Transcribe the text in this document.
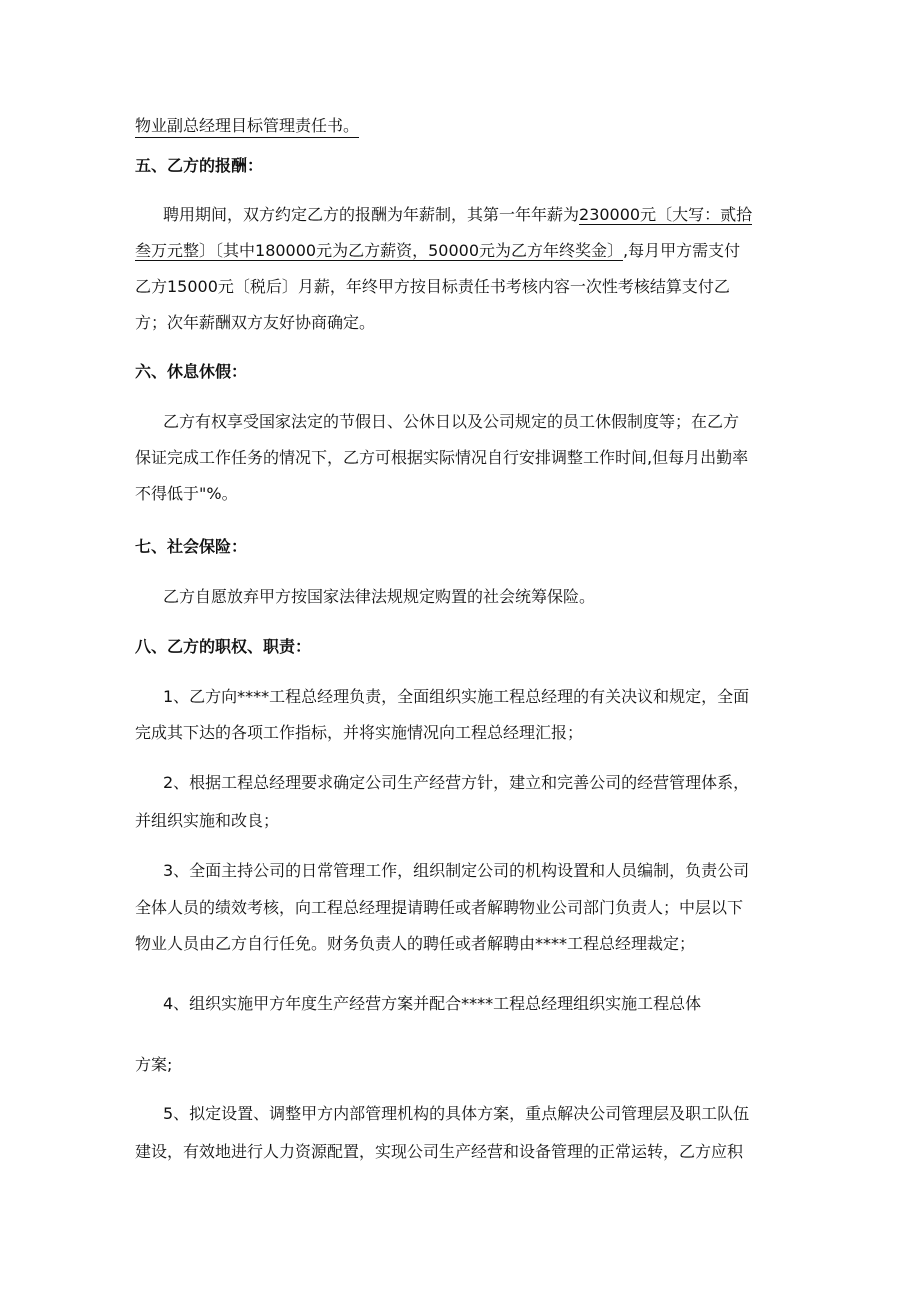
物业副总经理目标管理责任书。
五、乙方的报酬：
聘用期间，双方约定乙方的报酬为年薪制，其第一年年薪为230000元〔大写：贰拾
叁万元整〕〔其中180000元为乙方薪资，50000元为乙方年终奖金〕,每月甲方需支付
乙方15000元〔税后〕月薪，年终甲方按目标责任书考核内容一次性考核结算支付乙
方；次年薪酬双方友好协商确定。
六、休息休假：
乙方有权享受国家法定的节假日、公休日以及公司规定的员工休假制度等；在乙方
保证完成工作任务的情况下，乙方可根据实际情况自行安排调整工作时间,但每月出勤率
不得低于"%。
七、社会保险：
乙方自愿放弃甲方按国家法律法规规定购置的社会统筹保险。
八、乙方的职权、职责：
1、乙方向****工程总经理负责，全面组织实施工程总经理的有关决议和规定，全面
完成其下达的各项工作指标，并将实施情况向工程总经理汇报；
2、根据工程总经理要求确定公司生产经营方针，建立和完善公司的经营管理体系，
并组织实施和改良；
3、全面主持公司的日常管理工作，组织制定公司的机构设置和人员编制，负责公司
全体人员的绩效考核，向工程总经理提请聘任或者解聘物业公司部门负责人；中层以下
物业人员由乙方自行任免。财务负责人的聘任或者解聘由****工程总经理裁定；
4、组织实施甲方年度生产经营方案并配合****工程总经理组织实施工程总体
方案;
5、拟定设置、调整甲方内部管理机构的具体方案，重点解决公司管理层及职工队伍
建设，有效地进行人力资源配置，实现公司生产经营和设备管理的正常运转，乙方应积
